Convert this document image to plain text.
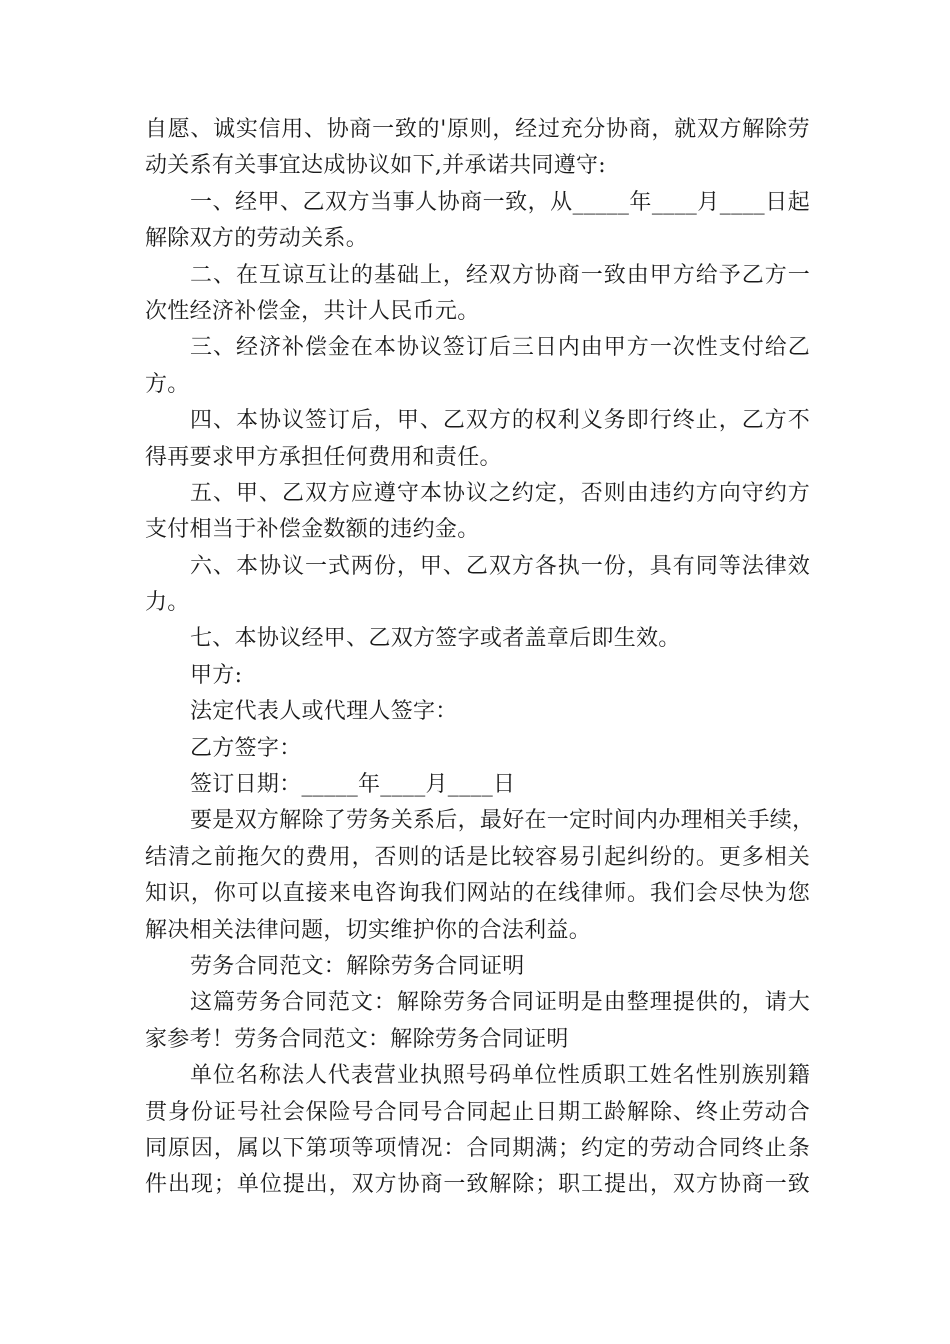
自愿、诚实信用、协商一致的'原则，经过充分协商，就双方解除劳
动关系有关事宜达成协议如下,并承诺共同遵守:
一、经甲、乙双方当事人协商一致，从_____年____月____日起
解除双方的劳动关系。
二、在互谅互让的基础上，经双方协商一致由甲方给予乙方一
次性经济补偿金，共计人民币元。
三、经济补偿金在本协议签订后三日内由甲方一次性支付给乙
方。
四、本协议签订后，甲、乙双方的权利义务即行终止，乙方不
得再要求甲方承担任何费用和责任。
五、甲、乙双方应遵守本协议之约定，否则由违约方向守约方
支付相当于补偿金数额的违约金。
六、本协议一式两份，甲、乙双方各执一份，具有同等法律效
力。
七、本协议经甲、乙双方签字或者盖章后即生效。
甲方:
法定代表人或代理人签字：
乙方签字：
签订日期：_____年____月____日
要是双方解除了劳务关系后，最好在一定时间内办理相关手续，
结清之前拖欠的费用，否则的话是比较容易引起纠纷的。更多相关
知识，你可以直接来电咨询我们网站的在线律师。我们会尽快为您
解决相关法律问题，切实维护你的合法利益。
劳务合同范文：解除劳务合同证明
这篇劳务合同范文：解除劳务合同证明是由整理提供的，请大
家参考！劳务合同范文：解除劳务合同证明
单位名称法人代表营业执照号码单位性质职工姓名性别族别籍
贯身份证号社会保险号合同号合同起止日期工龄解除、终止劳动合
同原因，属以下第项等项情况：合同期满；约定的劳动合同终止条
件出现；单位提出，双方协商一致解除；职工提出，双方协商一致
